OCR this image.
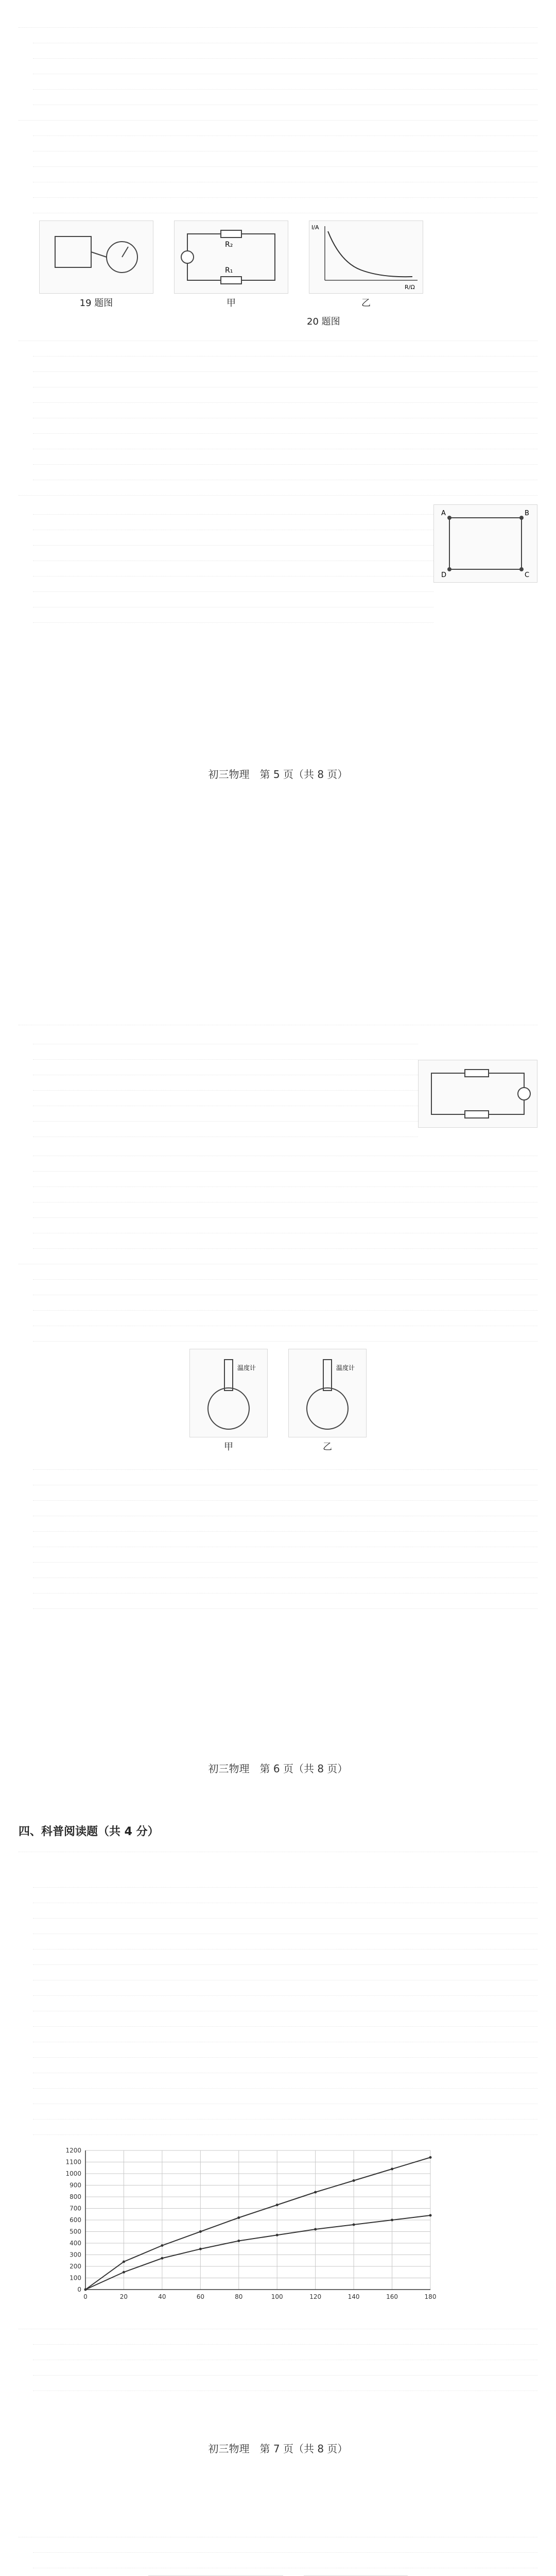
19 题图
R₁
R₂
甲
I/A
R/Ω
乙
20 题图
A	B
C
D
初三物理　第 5 页（共 8 页）
温度计
甲
温度计
乙
初三物理　第 6 页（共 8 页）
四、科普阅读题（共 4 分）
0
100
200
300
400
500
600
700
800
900
1000
1100
1200
0	20	40	60	80	100	120	140	160	180
初三物理　第 7 页（共 8 页）
